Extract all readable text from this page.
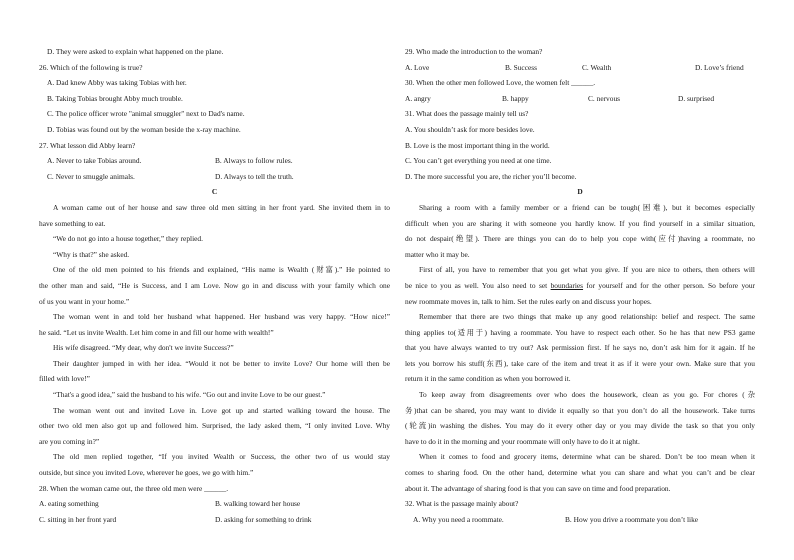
D. They were asked to explain what happened on the plane.
26. Which of the following is true?
A. Dad knew Abby was taking Tobias with her.
B. Taking Tobias brought Abby much trouble.
C. The police officer wrote "animal smuggler" next to Dad's name.
D. Tobias was found out by the woman beside the x-ray machine.
27. What lesson did Abby learn?
A. Never to take Tobias around.	B. Always to follow rules.
C. Never to smuggle animals.	D. Always to tell the truth.
C
A woman came out of her house and saw three old men sitting in her front yard. She invited them in to
have something to eat.
“We do not go into a house together,” they replied.
“Why is that?” she asked.
One of the old men pointed to his friends and explained, “His name is Wealth (财富).” He pointed to
the other man and said, “He is Success, and I am Love. Now go in and discuss with your family which one
of us you want in your home.”
The woman went in and told her husband what happened. Her husband was very happy. “How nice!”
he said. “Let us invite Wealth. Let him come in and fill our home with wealth!”
His wife disagreed. “My dear, why don't we invite Success?”
Their daughter jumped in with her idea. “Would it not be better to invite Love? Our home will then be
filled with love!”
“That's a good idea,” said the husband to his wife. “Go out and invite Love to be our guest.”
The woman went out and invited Love in. Love got up and started walking toward the house. The
other two old men also got up and followed him. Surprised, the lady asked them, “I only invited Love. Why
are you coming in?”
The old men replied together, “If you invited Wealth or Success, the other two of us would stay
outside, but since you invited Love, wherever he goes, we go with him.”
28. When the woman came out, the three old men were ______.
A. eating something	B. walking toward her house
C. sitting in her front yard	D. asking for something to drink
29. Who made the introduction to the woman?
A. Love	B. Success	C. Wealth	D. Love’s friend
30. When the other men followed Love, the women felt ______.
A. angry	B. happy	C. nervous	D. surprised
31. What does the passage mainly tell us?
A. You shouldn’t ask for more besides love.
B. Love is the most important thing in the world.
C. You can’t get everything you need at one time.
D. The more successful you are, the richer you’ll become.
D
Sharing a room with a family member or a friend can be tough(困难), but it becomes especially
difficult when you are sharing it with someone you hardly know. If you find yourself in a similar situation,
do not despair(绝望). There are things you can do to help you cope with(应付)having a roommate, no
matter who it may be.
First of all, you have to remember that you get what you give. If you are nice to others, then others will
be nice to you as well. You also need to set boundaries for yourself and for the other person. So before your
new roommate moves in, talk to him. Set the rules early on and discuss your hopes.
Remember that there are two things that make up any good relationship: belief and respect. The same
thing applies to(适用于) having a roommate. You have to respect each other. So he has that new PS3 game
that you have always wanted to try out? Ask permission first. If he says no, don’t ask him for it again. If he
lets you borrow his stuff(东西), take care of the item and treat it as if it were your own. Make sure that you
return it in the same condition as when you borrowed it.
To keep away from disagreements over who does the housework, clean as you go. For chores (杂
务)that can be shared, you may want to divide it equally so that you don’t do all the housework. Take turns
(轮流)in washing the dishes. You may do it every other day or you may divide the task so that you only
have to do it in the morning and your roommate will only have to do it at night.
When it comes to food and grocery items, determine what can be shared. Don’t be too mean when it
comes to sharing food. On the other hand, determine what you can share and what you can’t and be clear
about it. The advantage of sharing food is that you can save on time and food preparation.
32. What is the passage mainly about?
A. Why you need a roommate.	B. How you drive a roommate you don’t like
